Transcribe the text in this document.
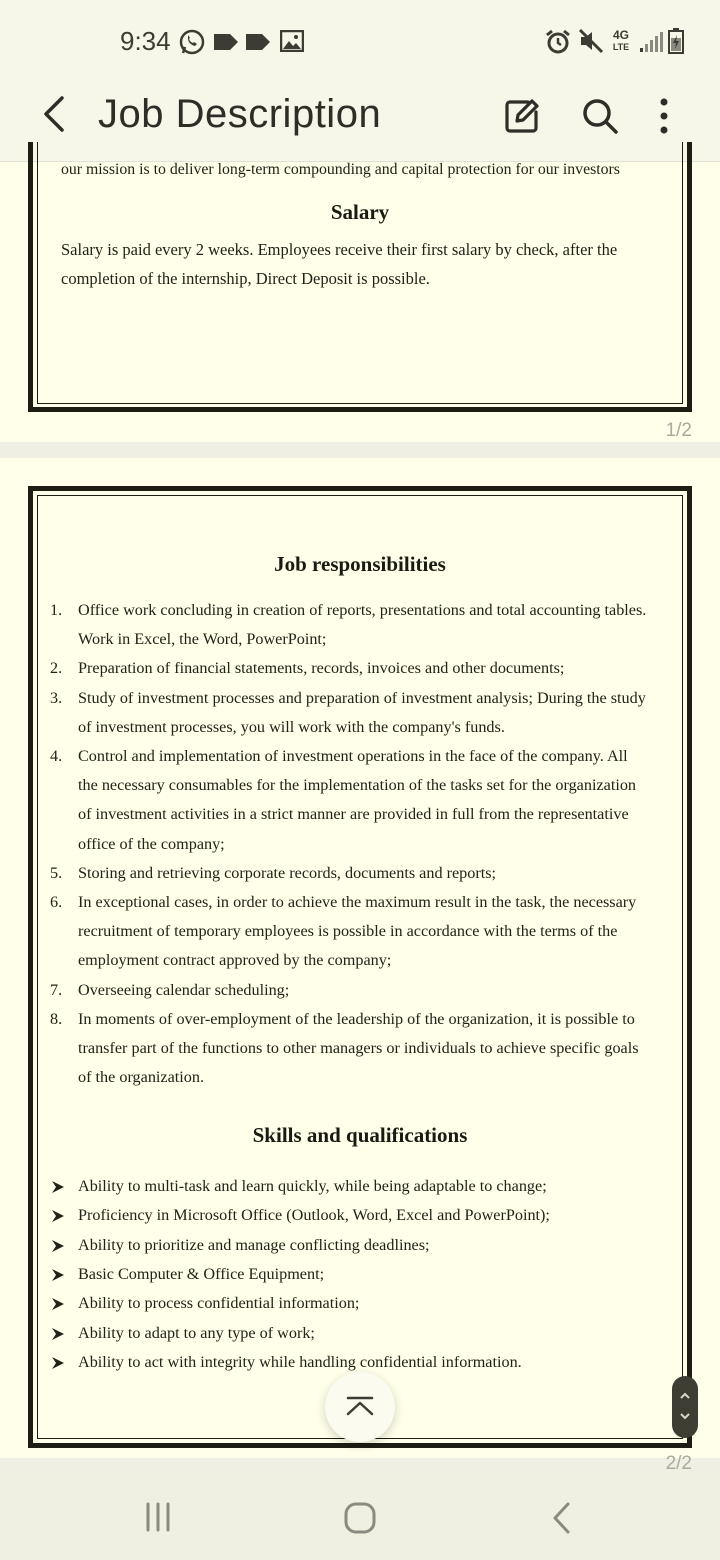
9:34	4G
LTE
Job Description
our mission is to deliver long-term compounding and capital protection for our investors
Salary
Salary is paid every 2 weeks. Employees receive their first salary by check, after the completion of the internship, Direct Deposit is possible.
1/2
Job responsibilities
1. Office work concluding in creation of reports, presentations and total accounting tables.
Work in Excel, the Word, PowerPoint;
2. Preparation of financial statements, records, invoices and other documents;
3. Study of investment processes and preparation of investment analysis; During the study
of investment processes, you will work with the company's funds.
4. Control and implementation of investment operations in the face of the company. All
the necessary consumables for the implementation of the tasks set for the organization
of investment activities in a strict manner are provided in full from the representative
office of the company;
5. Storing and retrieving corporate records, documents and reports;
6. In exceptional cases, in order to achieve the maximum result in the task, the necessary
recruitment of temporary employees is possible in accordance with the terms of the
employment contract approved by the company;
7. Overseeing calendar scheduling;
8. In moments of over-employment of the leadership of the organization, it is possible to
transfer part of the functions to other managers or individuals to achieve specific goals
of the organization.
Skills and qualifications
Ability to multi-task and learn quickly, while being adaptable to change;
Proficiency in Microsoft Office (Outlook, Word, Excel and PowerPoint);
Ability to prioritize and manage conflicting deadlines;
Basic Computer & Office Equipment;
Ability to process confidential information;
Ability to adapt to any type of work;
Ability to act with integrity while handling confidential information.
2/2
